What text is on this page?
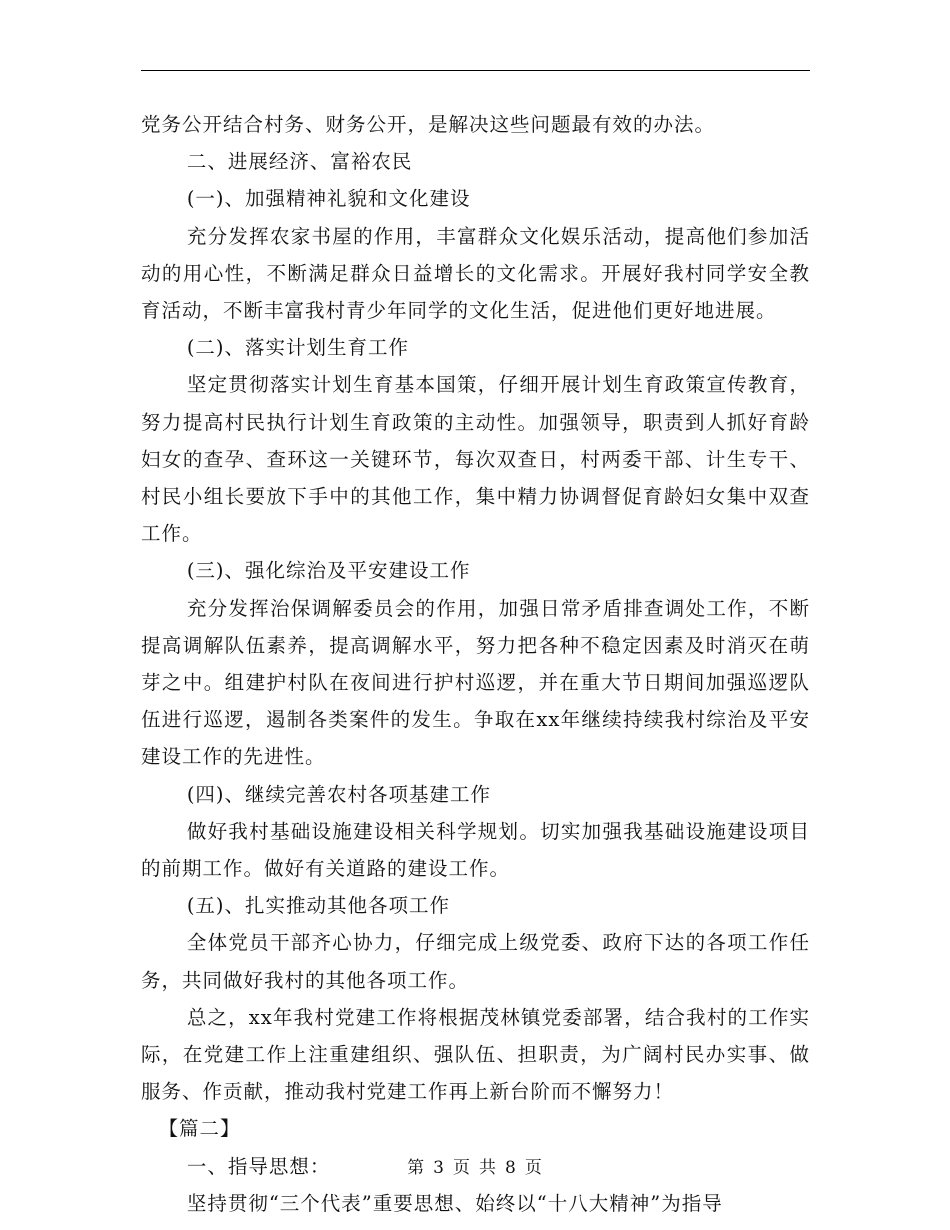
党务公开结合村务、财务公开，是解决这些问题最有效的办法。

二、进展经济、富裕农民

(一)、加强精神礼貌和文化建设

充分发挥农家书屋的作用，丰富群众文化娱乐活动，提高他们参加活动的用心性，不断满足群众日益增长的文化需求。开展好我村同学安全教育活动，不断丰富我村青少年同学的文化生活，促进他们更好地进展。

(二)、落实计划生育工作

坚定贯彻落实计划生育基本国策，仔细开展计划生育政策宣传教育，努力提高村民执行计划生育政策的主动性。加强领导，职责到人抓好育龄妇女的查孕、查环这一关键环节，每次双查日，村两委干部、计生专干、村民小组长要放下手中的其他工作，集中精力协调督促育龄妇女集中双查工作。

(三)、强化综治及平安建设工作

充分发挥治保调解委员会的作用，加强日常矛盾排查调处工作，不断提高调解队伍素养，提高调解水平，努力把各种不稳定因素及时消灭在萌芽之中。组建护村队在夜间进行护村巡逻，并在重大节日期间加强巡逻队伍进行巡逻，遏制各类案件的发生。争取在xx年继续持续我村综治及平安建设工作的先进性。

(四)、继续完善农村各项基建工作

做好我村基础设施建设相关科学规划。切实加强我基础设施建设项目的前期工作。做好有关道路的建设工作。

(五)、扎实推动其他各项工作

全体党员干部齐心协力，仔细完成上级党委、政府下达的各项工作任务，共同做好我村的其他各项工作。

总之，xx年我村党建工作将根据茂林镇党委部署，结合我村的工作实际，在党建工作上注重建组织、强队伍、担职责，为广阔村民办实事、做服务、作贡献，推动我村党建工作再上新台阶而不懈努力！

【篇二】

一、指导思想：

坚持贯彻“三个代表”重要思想、始终以“十八大精神”为指导

第 3 页 共 8 页
